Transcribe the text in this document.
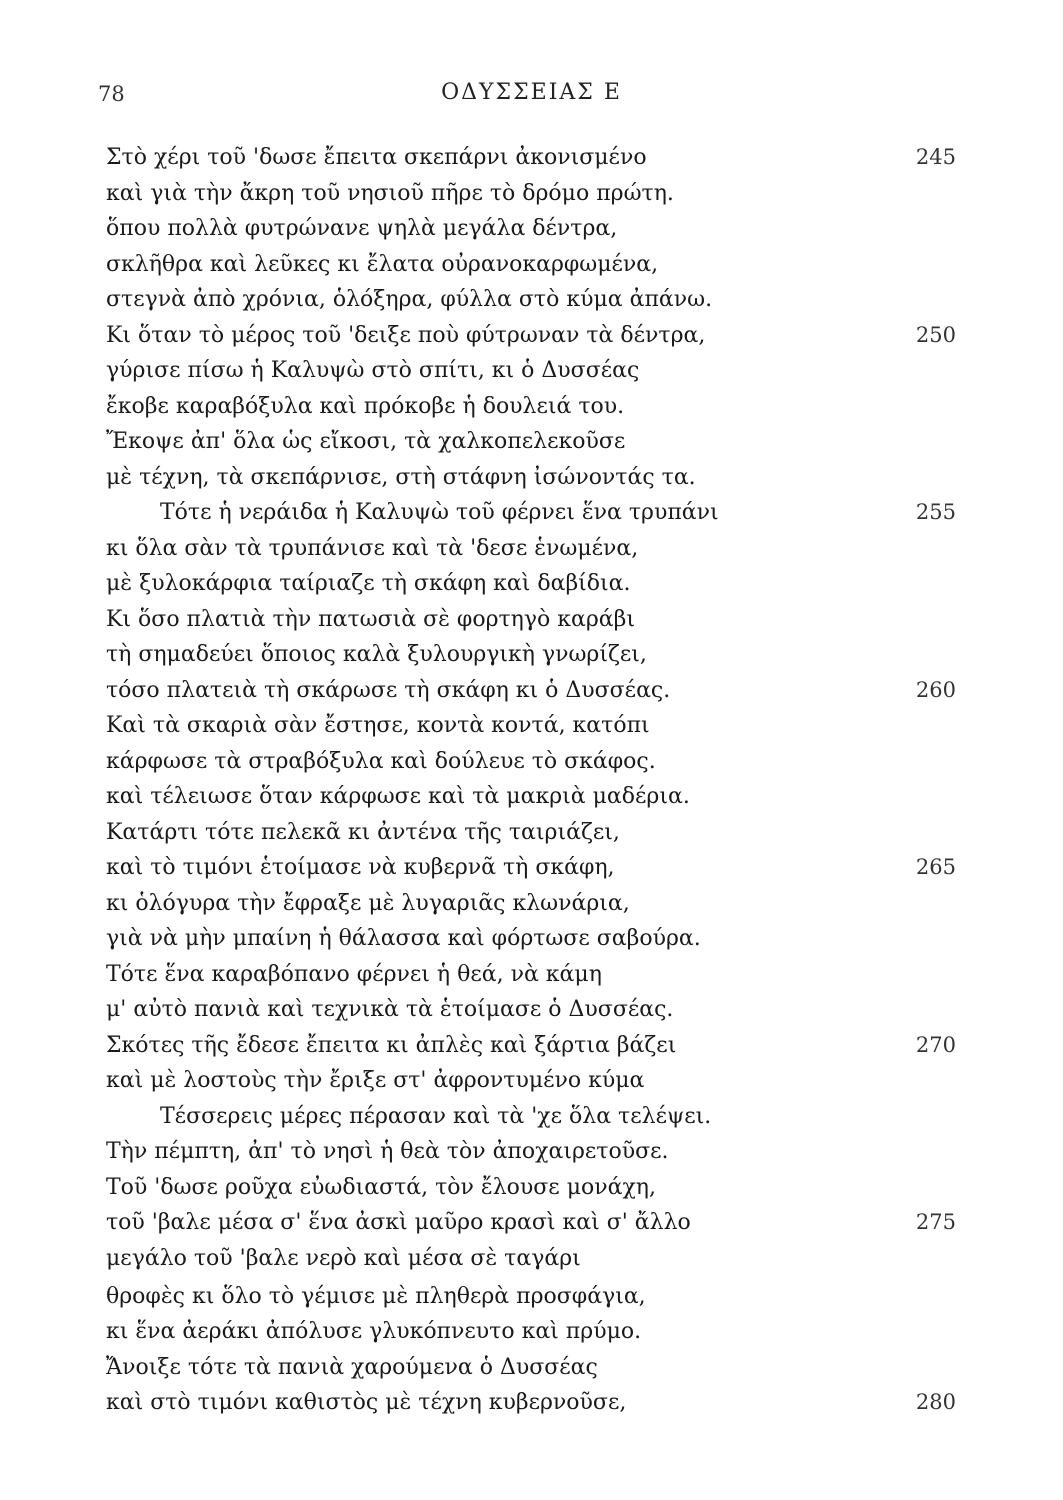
78	ΟΔΥΣΣΕΙΑΣ Ε
Στὸ χέρι τοῦ 'δωσε ἔπειτα σκεπάρνι ἀκονισμένο	245
καὶ γιὰ τὴν ἄκρη τοῦ νησιοῦ πῆρε τὸ δρόμο πρώτη.
ὅπου πολλὰ φυτρώνανε ψηλὰ μεγάλα δέντρα,
σκλῆθρα καὶ λεῦκες κι ἔλατα οὐρανοκαρφωμένα,
στεγνὰ ἀπὸ χρόνια, ὁλόξηρα, φύλλα στὸ κύμα ἀπάνω.
Κι ὅταν τὸ μέρος τοῦ 'δειξε ποὺ φύτρωναν τὰ δέντρα,	250
γύρισε πίσω ἡ Καλυψὼ στὸ σπίτι, κι ὁ Δυσσέας
ἔκοβε καραβόξυλα καὶ πρόκοβε ἡ δουλειά του.
Ἔκοψε ἀπ' ὅλα ὡς εἴκοσι, τὰ χαλκοπελεκοῦσε
μὲ τέχνη, τὰ σκεπάρνισε, στὴ στάφνη ἰσώνοντάς τα.
Τότε ἡ νεράιδα ἡ Καλυψὼ τοῦ φέρνει ἕνα τρυπάνι	255
κι ὅλα σὰν τὰ τρυπάνισε καὶ τὰ 'δεσε ἑνωμένα,
μὲ ξυλοκάρφια ταίριαζε τὴ σκάφη καὶ δαβίδια.
Κι ὅσο πλατιὰ τὴν πατωσιὰ σὲ φορτηγὸ καράβι
τὴ σημαδεύει ὅποιος καλὰ ξυλουργικὴ γνωρίζει,
τόσο πλατειὰ τὴ σκάρωσε τὴ σκάφη κι ὁ Δυσσέας.	260
Καὶ τὰ σκαριὰ σὰν ἔστησε, κοντὰ κοντά, κατόπι
κάρφωσε τὰ στραβόξυλα καὶ δούλευε τὸ σκάφος.
καὶ τέλειωσε ὅταν κάρφωσε καὶ τὰ μακριὰ μαδέρια.
Κατάρτι τότε πελεκᾶ κι ἀντένα τῆς ταιριάζει,
καὶ τὸ τιμόνι ἑτοίμασε νὰ κυβερνᾶ τὴ σκάφη,	265
κι ὁλόγυρα τὴν ἔφραξε μὲ λυγαριᾶς κλωνάρια,
γιὰ νὰ μὴν μπαίνη ἡ θάλασσα καὶ φόρτωσε σαβούρα.
Τότε ἕνα καραβόπανο φέρνει ἡ θεά, νὰ κάμη
μ' αὐτὸ πανιὰ καὶ τεχνικὰ τὰ ἑτοίμασε ὁ Δυσσέας.
Σκότες τῆς ἔδεσε ἔπειτα κι ἀπλὲς καὶ ξάρτια βάζει	270
καὶ μὲ λοστοὺς τὴν ἔριξε στ' ἀφροντυμένο κύμα
Τέσσερεις μέρες πέρασαν καὶ τὰ 'χε ὅλα τελέψει.
Τὴν πέμπτη, ἀπ' τὸ νησὶ ἡ θεὰ τὸν ἀποχαιρετοῦσε.
Τοῦ 'δωσε ροῦχα εὐωδιαστά, τὸν ἔλουσε μονάχη,
τοῦ 'βαλε μέσα σ' ἕνα ἀσκὶ μαῦρο κρασὶ καὶ σ' ἄλλο	275
μεγάλο τοῦ 'βαλε νερὸ καὶ μέσα σὲ ταγάρι
θροφὲς κι ὅλο τὸ γέμισε μὲ πληθερὰ προσφάγια,
κι ἕνα ἀεράκι ἀπόλυσε γλυκόπνευτο καὶ πρύμο.
Ἄνοιξε τότε τὰ πανιὰ χαρούμενα ὁ Δυσσέας
καὶ στὸ τιμόνι καθιστὸς μὲ τέχνη κυβερνοῦσε,	280
